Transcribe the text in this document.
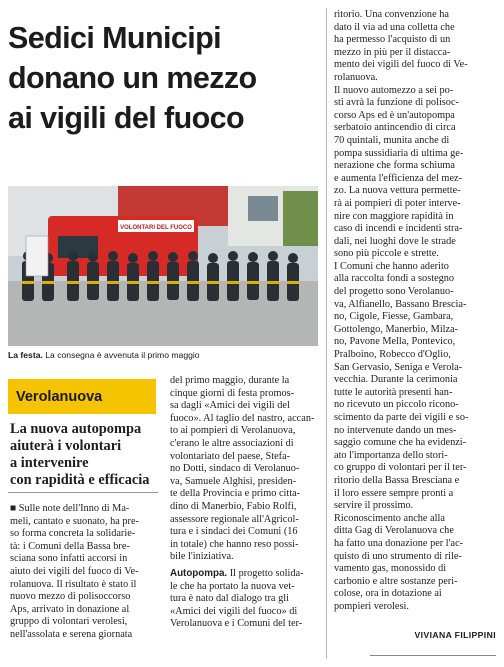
Sedici Municipi
donano un mezzo
ai vigili del fuoco
VOLONTARI DEL FUOCO
La festa. La consegna è avvenuta il primo maggio
Verolanuova
La nuova autopompa
aiuterà i volontari
a intervenire
con rapidità e efficacia
■ Sulle note dell'Inno di Ma-
meli, cantato e suonato, ha pre-
so forma concreta la solidarie-
tà: i Comuni della Bassa bre-
sciana sono infatti accorsi in
aiuto dei vigili del fuoco di Ve-
rolanuova. Il risultato è stato il
nuovo mezzo di polisoccorso
Aps, arrivato in donazione al
gruppo di volontari verolesi,
nell'assolata e serena giornata
del primo maggio, durante la
cinque giorni di festa promos-
sa dagli «Amici dei vigili del
fuoco». Al taglio del nastro, accan-
to ai pompieri di Verolanuova,
c'erano le altre associazioni di
volontariato del paese, Stefa-
no Dotti, sindaco di Verolanuo-
va, Samuele Alghisi, presiden-
te della Provincia e primo citta-
dino di Manerbio, Fabio Rolfi,
assessore regionale all'Agricol-
tura e i sindaci dei Comuni (16
in totale) che hanno reso possi-
bile l'iniziativa.
Autopompa. Il progetto solida-
le che ha portato la nuova vet-
tura è nato dal dialogo tra gli
«Amici dei vigili del fuoco» di
Verolanuova e i Comuni del ter-
ritorio. Una convenzione ha
dato il via ad una colletta che
ha permesso l'acquisto di un
mezzo in più per il distacca-
mento dei vigili del fuoco di Ve-
rolanuova.
Il nuovo automezzo a sei po-
sti avrà la funzione di polisoc-
corso Aps ed è un'autopompa
serbatoio antincendio di circa
70 quintali, munita anche di
pompa sussidiaria di ultima ge-
nerazione che forma schiuma
e aumenta l'efficienza del mez-
zo. La nuova vettura permette-
rà ai pompieri di poter interve-
nire con maggiore rapidità in
caso di incendi e incidenti stra-
dali, nei luoghi dove le strade
sono più piccole e strette.
I Comuni che hanno aderito
alla raccolta fondi a sostegno
del progetto sono Verolanuo-
va, Alfianello, Bassano Brescia-
no, Cigole, Fiesse, Gambara,
Gottolengo, Manerbio, Milza-
no, Pavone Mella, Pontevico,
Pralboino, Robecco d'Oglio,
San Gervasio, Seniga e Verola-
vecchia. Durante la cerimonia
tutte le autorità presenti han-
no ricevuto un piccolo ricono-
scimento da parte dei vigili e so-
no intervenute dando un mes-
saggio comune che ha evidenzi-
ato l'importanza dello stori-
co gruppo di volontari per il ter-
ritorio della Bassa Bresciana e
il loro essere sempre pronti a
servire il prossimo.
Riconoscimento anche alla
ditta Gag di Verolanuova che
ha fatto una donazione per l'ac-
quisto di uno strumento di rile-
vamento gas, monossido di
carbonio e altre sostanze peri-
colose, ora in dotazione ai
pompieri verolesi.
VIVIANA FILIPPINI
